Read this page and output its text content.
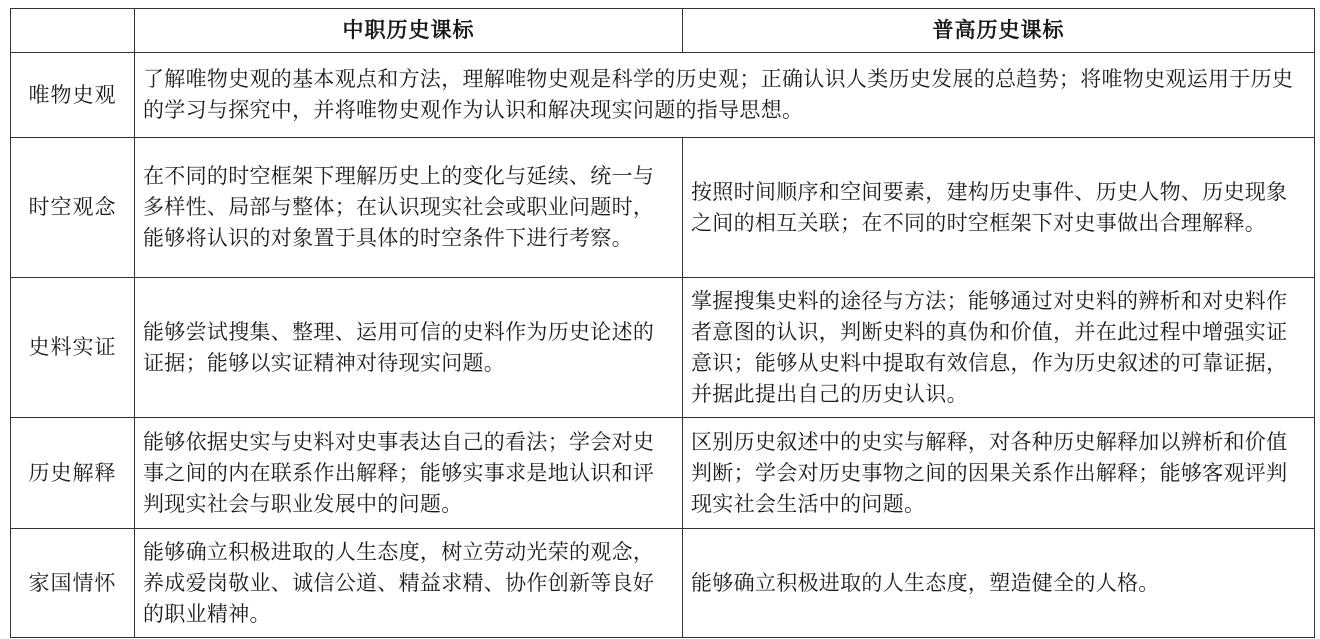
	中职历史课标	普高历史课标
唯物史观	了解唯物史观的基本观点和方法，理解唯物史观是科学的历史观；正确认识人类历史发展的总趋势；将唯物史观运用于历史的学习与探究中，并将唯物史观作为认识和解决现实问题的指导思想。	
时空观念	在不同的时空框架下理解历史上的变化与延续、统一与多样性、局部与整体；在认识现实社会或职业问题时，能够将认识的对象置于具体的时空条件下进行考察。	按照时间顺序和空间要素，建构历史事件、历史人物、历史现象之间的相互关联；在不同的时空框架下对史事做出合理解释。
史料实证	能够尝试搜集、整理、运用可信的史料作为历史论述的证据；能够以实证精神对待现实问题。	掌握搜集史料的途径与方法；能够通过对史料的辨析和对史料作者意图的认识，判断史料的真伪和价值，并在此过程中增强实证意识；能够从史料中提取有效信息，作为历史叙述的可靠证据，并据此提出自己的历史认识。
历史解释	能够依据史实与史料对史事表达自己的看法；学会对史事之间的内在联系作出解释；能够实事求是地认识和评判现实社会与职业发展中的问题。	区别历史叙述中的史实与解释，对各种历史解释加以辨析和价值判断；学会对历史事物之间的因果关系作出解释；能够客观评判现实社会生活中的问题。
家国情怀	能够确立积极进取的人生态度，树立劳动光荣的观念，养成爱岗敬业、诚信公道、精益求精、协作创新等良好的职业精神。	能够确立积极进取的人生态度，塑造健全的人格。
